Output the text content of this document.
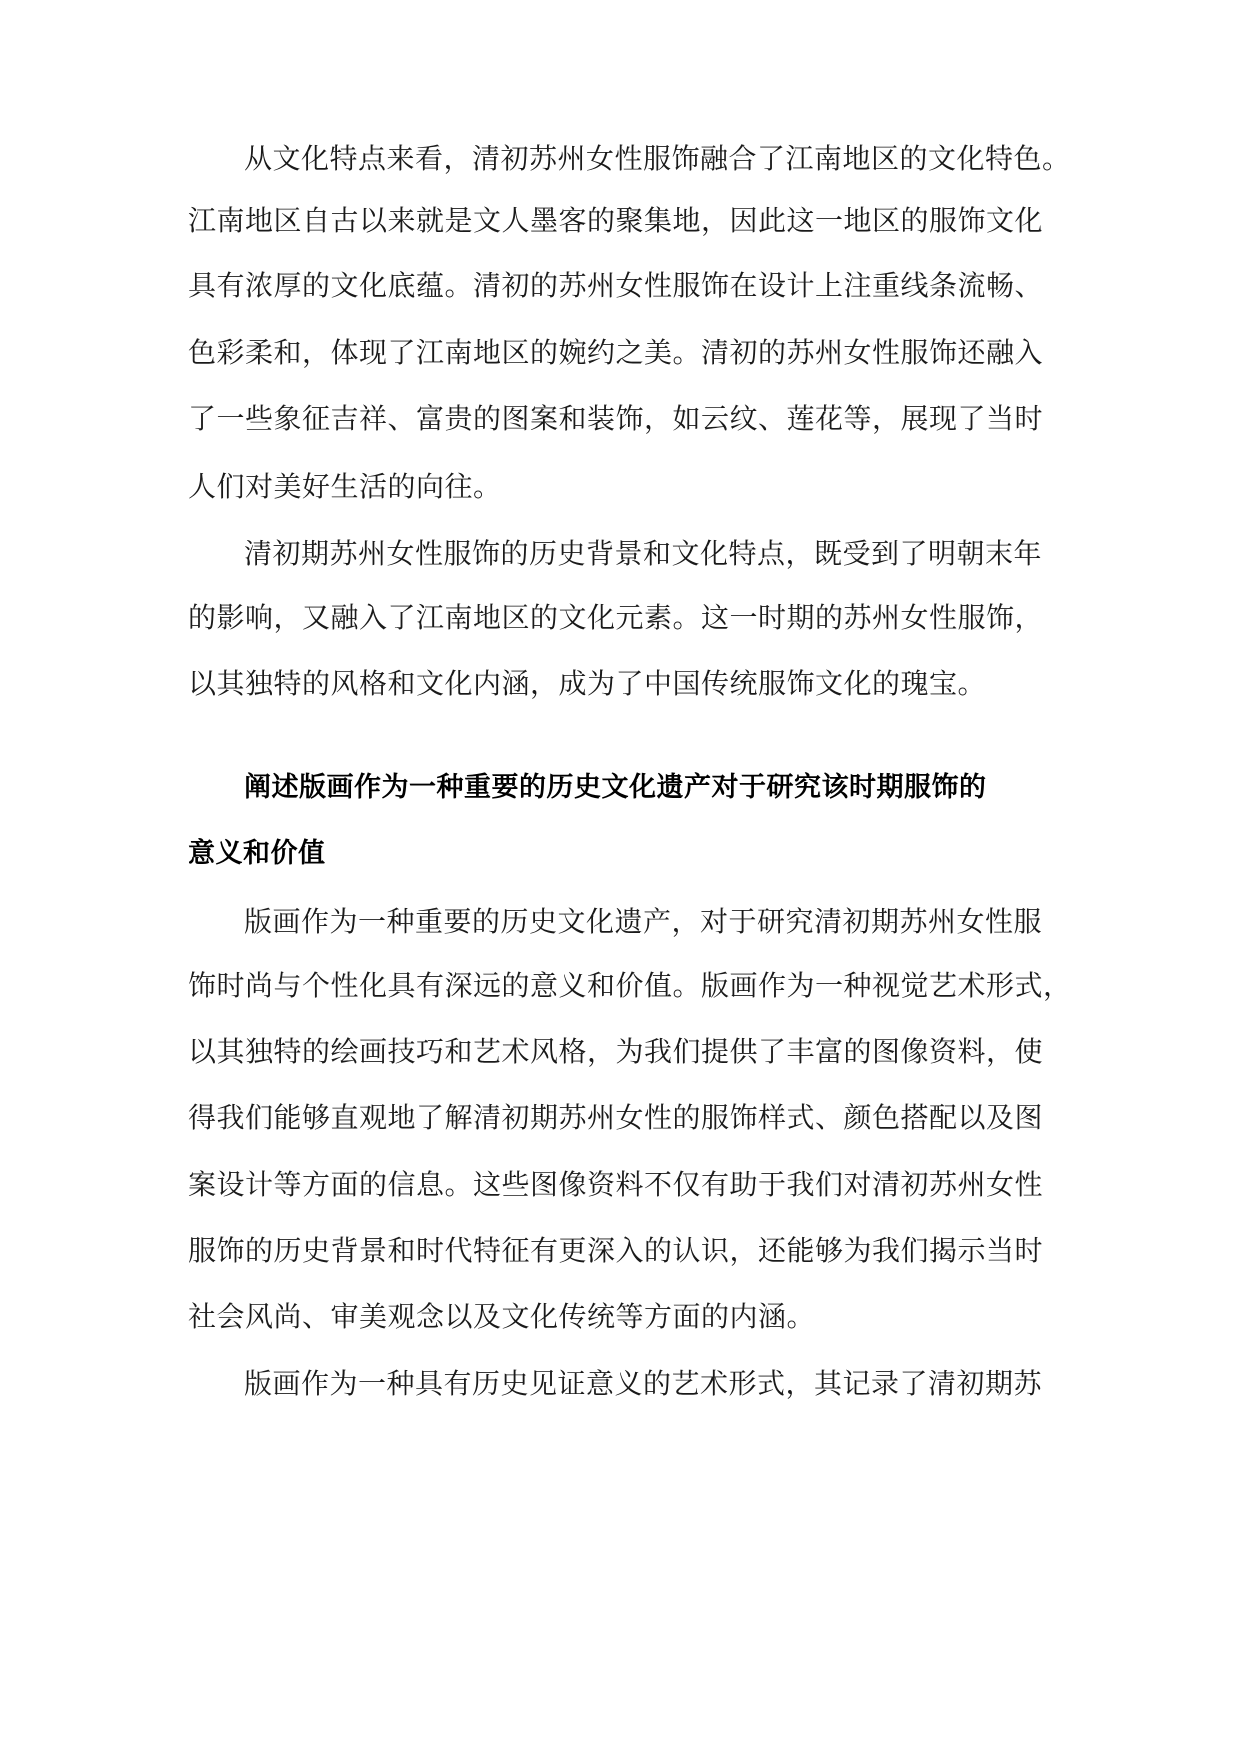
从文化特点来看，清初苏州女性服饰融合了江南地区的文化特色。
江南地区自古以来就是文人墨客的聚集地，因此这一地区的服饰文化
具有浓厚的文化底蕴。清初的苏州女性服饰在设计上注重线条流畅、
色彩柔和，体现了江南地区的婉约之美。清初的苏州女性服饰还融入
了一些象征吉祥、富贵的图案和装饰，如云纹、莲花等，展现了当时
人们对美好生活的向往。
清初期苏州女性服饰的历史背景和文化特点，既受到了明朝末年
的影响，又融入了江南地区的文化元素。这一时期的苏州女性服饰，
以其独特的风格和文化内涵，成为了中国传统服饰文化的瑰宝。
阐述版画作为一种重要的历史文化遗产对于研究该时期服饰的
意义和价值
版画作为一种重要的历史文化遗产，对于研究清初期苏州女性服
饰时尚与个性化具有深远的意义和价值。版画作为一种视觉艺术形式，
以其独特的绘画技巧和艺术风格，为我们提供了丰富的图像资料，使
得我们能够直观地了解清初期苏州女性的服饰样式、颜色搭配以及图
案设计等方面的信息。这些图像资料不仅有助于我们对清初苏州女性
服饰的历史背景和时代特征有更深入的认识，还能够为我们揭示当时
社会风尚、审美观念以及文化传统等方面的内涵。
版画作为一种具有历史见证意义的艺术形式，其记录了清初期苏
